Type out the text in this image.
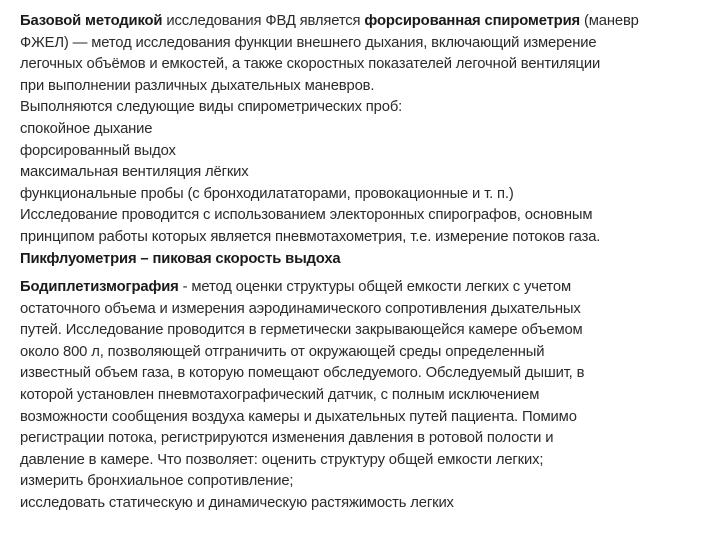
Базовой методикой исследования ФВД является форсированная спирометрия (маневр
ФЖЕЛ) — метод исследования функции внешнего дыхания, включающий измерение
легочных объёмов и емкостей, а также скоростных показателей легочной вентиляции
при выполнении различных дыхательных маневров.
Выполняются следующие виды спирометрических проб:
спокойное дыхание
форсированный выдох
максимальная вентиляция лёгких
функциональные пробы (с бронходилататорами, провокационные и т. п.)
Исследование проводится с использованием электоронных спирографов, основным
принципом работы которых является пневмотахометрия, т.е. измерение потоков газа.
Пикфлуометрия – пиковая скорость выдоха
Бодиплетизмография - метод оценки структуры общей емкости легких с учетом
остаточного объема и измерения аэродинамического сопротивления дыхательных
путей. Исследование проводится в герметически закрывающейся камере объемом
около 800 л, позволяющей отграничить от окружающей среды определенный
известный объем газа, в которую помещают обследуемого. Обследуемый дышит, в
которой установлен пневмотахографический датчик, с полным исключением
возможности сообщения воздуха камеры и дыхательных путей пациента. Помимо
регистрации потока, регистрируются изменения давления в ротовой полости и
давление в камере. Что позволяет: оценить структуру общей емкости легких;
измерить бронхиальное сопротивление;
исследовать статическую и динамическую растяжимость легких
